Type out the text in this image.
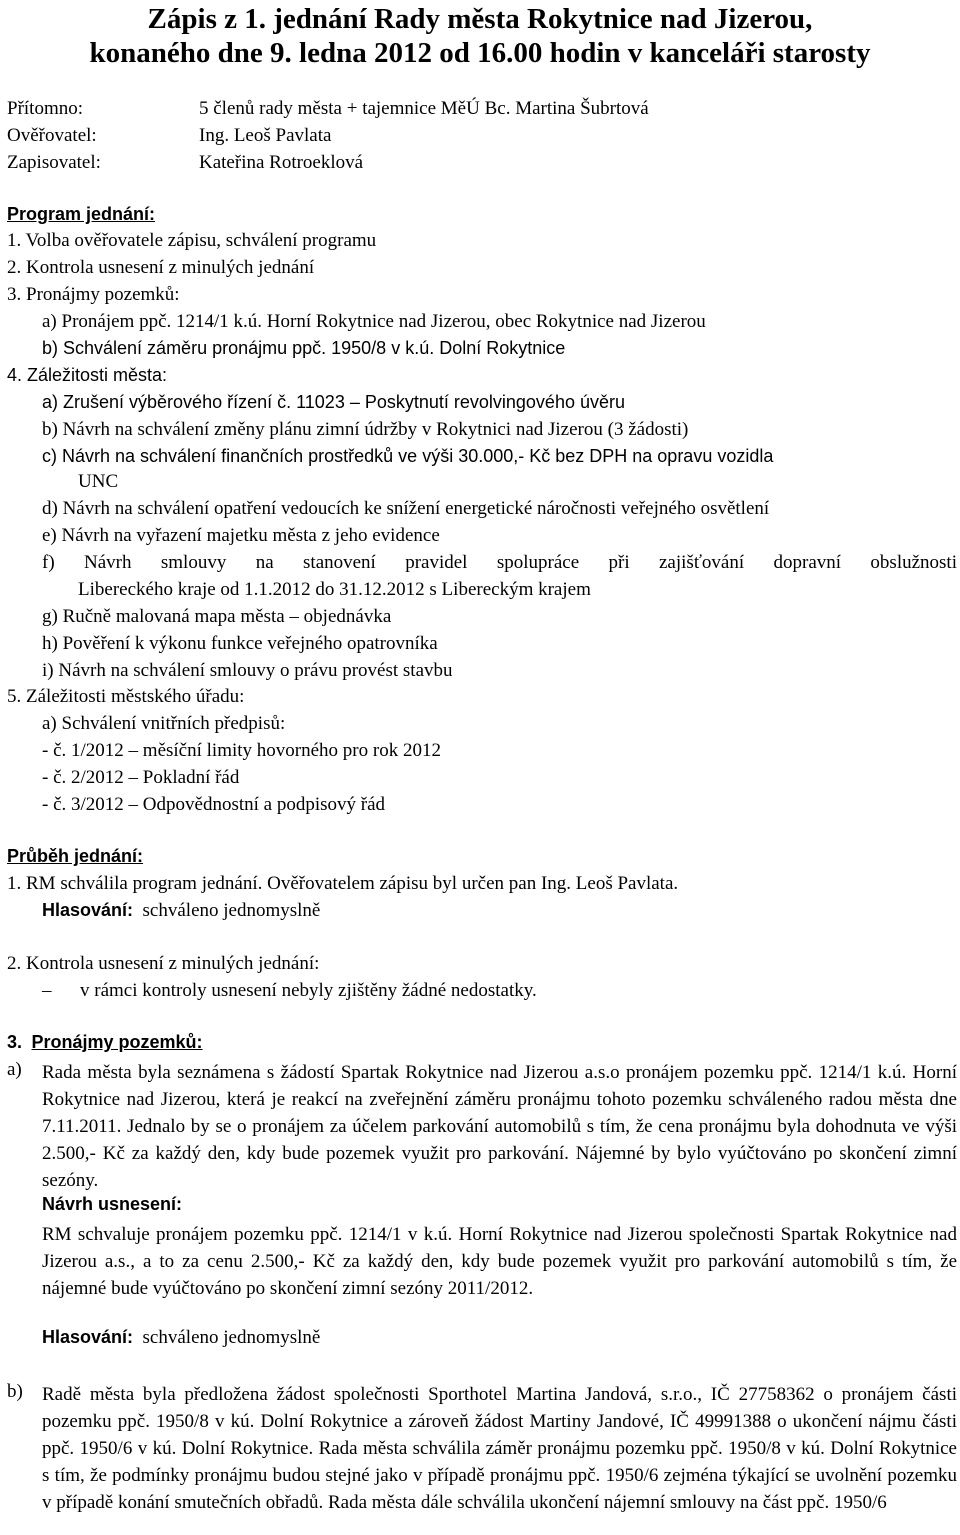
Zápis z 1. jednání Rady města Rokytnice nad Jizerou,
konaného dne 9. ledna 2012 od 16.00 hodin v kanceláři starosty
Přítomno:	5 členů rady města + tajemnice MěÚ Bc. Martina Šubrtová
Ověřovatel:	Ing. Leoš Pavlata
Zapisovatel:	Kateřina Rotroeklová
Program jednání:
1. Volba ověřovatele zápisu, schválení programu
2. Kontrola usnesení z minulých jednání
3. Pronájmy pozemků:
a) Pronájem ppč. 1214/1 k.ú. Horní Rokytnice nad Jizerou, obec Rokytnice nad Jizerou
b) Schválení záměru pronájmu ppč. 1950/8 v k.ú. Dolní Rokytnice
4. Záležitosti města:
a) Zrušení výběrového řízení č. 11023 – Poskytnutí revolvingového úvěru
b) Návrh na schválení změny plánu zimní údržby v Rokytnici nad Jizerou (3 žádosti)
c) Návrh na schválení finančních prostředků ve výši 30.000,- Kč bez DPH na opravu vozidla
UNC
d) Návrh na schválení opatření vedoucích ke snížení energetické náročnosti veřejného osvětlení
e) Návrh na vyřazení majetku města z jeho evidence
f) Návrh smlouvy na stanovení pravidel spolupráce při zajišťování dopravní obslužnosti
Libereckého kraje od 1.1.2012 do 31.12.2012 s Libereckým krajem
g) Ručně malovaná mapa města – objednávka
h) Pověření k výkonu funkce veřejného opatrovníka
i) Návrh na schválení smlouvy o právu provést stavbu
5. Záležitosti městského úřadu:
a) Schválení vnitřních předpisů:
- č. 1/2012 – měsíční limity hovorného pro rok 2012
- č. 2/2012 – Pokladní řád
- č. 3/2012 – Odpovědnostní a podpisový řád
Průběh jednání:
1. RM schválila program jednání. Ověřovatelem zápisu byl určen pan Ing. Leoš Pavlata.
Hlasování: schváleno jednomyslně
2. Kontrola usnesení z minulých jednání:
– v rámci kontroly usnesení nebyly zjištěny žádné nedostatky.
3. Pronájmy pozemků:
a) Rada města byla seznámena s žádostí Spartak Rokytnice nad Jizerou a.s.o pronájem pozemku ppč. 1214/1 k.ú. Horní Rokytnice nad Jizerou, která je reakcí na zveřejnění záměru pronájmu tohoto pozemku schváleného radou města dne 7.11.2011. Jednalo by se o pronájem za účelem parkování automobilů s tím, že cena pronájmu byla dohodnuta ve výši 2.500,- Kč za každý den, kdy bude pozemek využit pro parkování. Nájemné by bylo vyúčtováno po skončení zimní sezóny.
Návrh usnesení:
RM schvaluje pronájem pozemku ppč. 1214/1 v k.ú. Horní Rokytnice nad Jizerou společnosti Spartak Rokytnice nad Jizerou a.s., a to za cenu 2.500,- Kč za každý den, kdy bude pozemek využit pro parkování automobilů s tím, že nájemné bude vyúčtováno po skončení zimní sezóny 2011/2012.
Hlasování: schváleno jednomyslně
b) Radě města byla předložena žádost společnosti Sporthotel Martina Jandová, s.r.o., IČ 27758362 o pronájem části pozemku ppč. 1950/8 v kú. Dolní Rokytnice a zároveň žádost Martiny Jandové, IČ 49991388 o ukončení nájmu části ppč. 1950/6 v kú. Dolní Rokytnice. Rada města schválila záměr pronájmu pozemku ppč. 1950/8 v kú. Dolní Rokytnice s tím, že podmínky pronájmu budou stejné jako v případě pronájmu ppč. 1950/6 zejména týkající se uvolnění pozemku v případě konání smutečních obřadů. Rada města dále schválila ukončení nájemní smlouvy na část ppč. 1950/6
